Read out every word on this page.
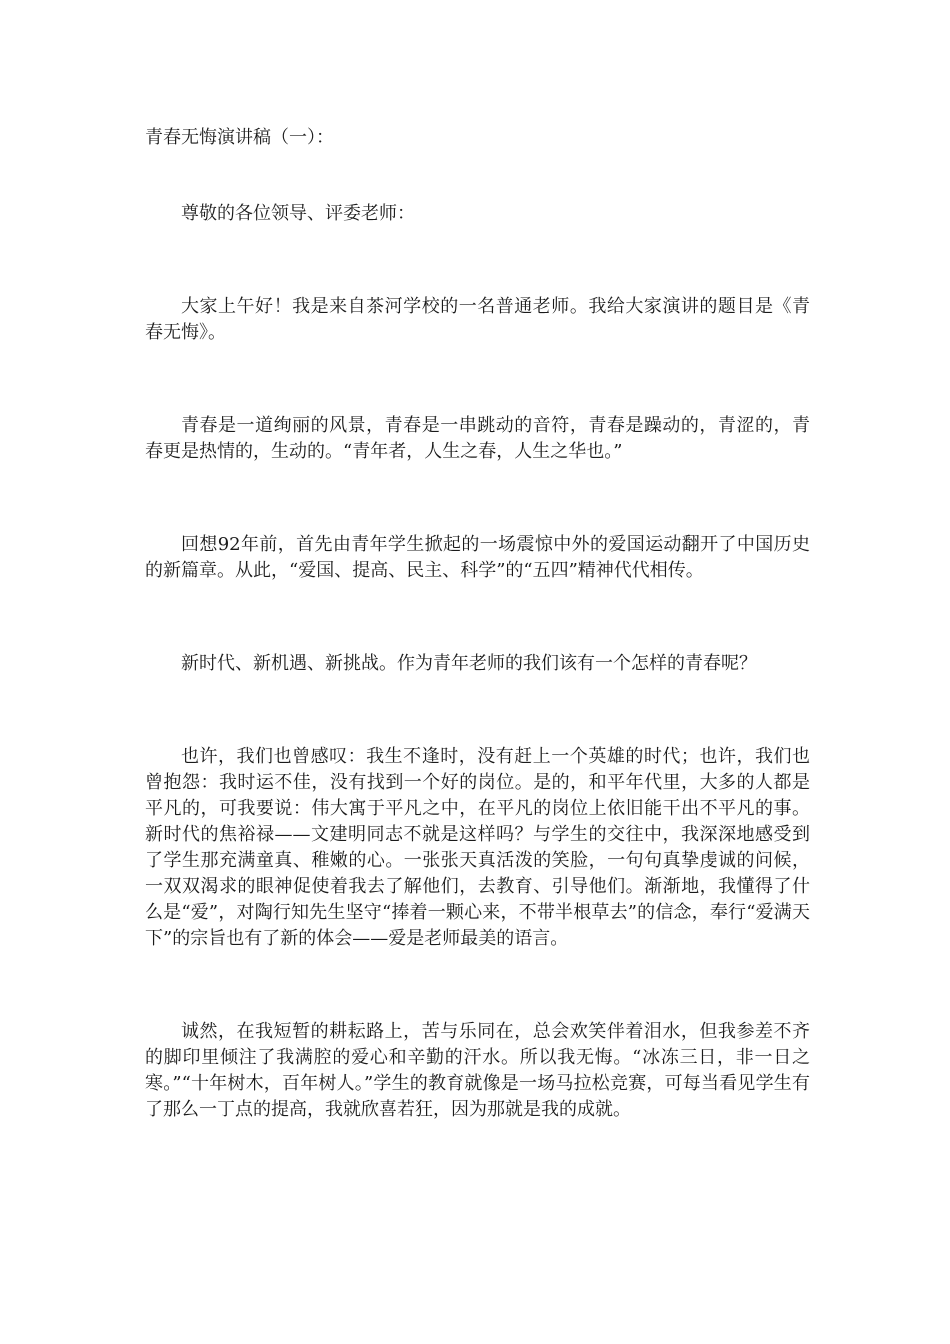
青春无悔演讲稿（一）：

尊敬的各位领导、评委老师：

大家上午好！我是来自茶河学校的一名普通老师。我给大家演讲的题目是《青春无悔》。

青春是一道绚丽的风景，青春是一串跳动的音符，青春是躁动的，青涩的，青春更是热情的，生动的。“青年者，人生之春，人生之华也。”

回想92年前，首先由青年学生掀起的一场震惊中外的爱国运动翻开了中国历史的新篇章。从此，“爱国、提高、民主、科学”的“五四”精神代代相传。

新时代、新机遇、新挑战。作为青年老师的我们该有一个怎样的青春呢？

也许，我们也曾感叹：我生不逢时，没有赶上一个英雄的时代；也许，我们也曾抱怨：我时运不佳，没有找到一个好的岗位。是的，和平年代里，大多的人都是平凡的，可我要说：伟大寓于平凡之中，在平凡的岗位上依旧能干出不平凡的事。新时代的焦裕禄——文建明同志不就是这样吗？与学生的交往中，我深深地感受到了学生那充满童真、稚嫩的心。一张张天真活泼的笑脸，一句句真挚虔诚的问候，一双双渴求的眼神促使着我去了解他们，去教育、引导他们。渐渐地，我懂得了什么是“爱”，对陶行知先生坚守“捧着一颗心来，不带半根草去”的信念，奉行“爱满天下”的宗旨也有了新的体会——爱是老师最美的语言。

诚然，在我短暂的耕耘路上，苦与乐同在，总会欢笑伴着泪水，但我参差不齐的脚印里倾注了我满腔的爱心和辛勤的汗水。所以我无悔。“冰冻三日，非一日之寒。”“十年树木，百年树人。”学生的教育就像是一场马拉松竞赛，可每当看见学生有了那么一丁点的提高，我就欣喜若狂，因为那就是我的成就。
